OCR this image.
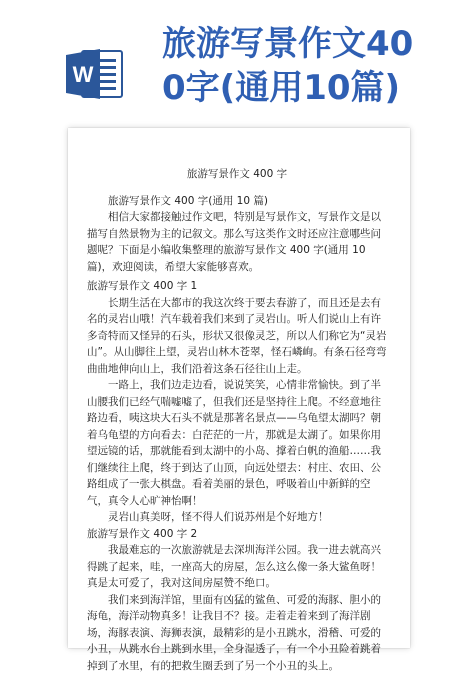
W
旅游写景作文40
0字(通用10篇)
旅游写景作文 400 字

旅游写景作文 400 字(通用 10 篇)

相信大家都接触过作文吧，特别是写景作文，写景作文是以描写自然景物为主的记叙文。那么写这类作文时还应注意哪些问题呢？下面是小编收集整理的旅游写景作文 400 字(通用 10 篇)，欢迎阅读，希望大家能够喜欢。

旅游写景作文 400 字 1

长期生活在大都市的我这次终于要去春游了，而且还是去有名的灵岩山哦！汽车载着我们来到了灵岩山。听人们说山上有许多奇特而又怪异的石头，形状又很像灵芝，所以人们称它为“灵岩山”。从山脚往上望，灵岩山林木苍翠，怪石嶙峋。有条石径弯弯曲曲地伸向山上，我们沿着这条石径往山上走。

一路上，我们边走边看，说说笑笑，心情非常愉快。到了半山腰我们已经气喘嘘嘘了，但我们还是坚持往上爬。不经意地往路边看，咦这块大石头不就是那著名景点——乌龟望太湖吗？朝着乌龟望的方向看去：白茫茫的一片，那就是太湖了。如果你用望远镜的话，那就能看到太湖中的小岛、撑着白帆的渔船……我们继续往上爬，终于到达了山顶，向远处望去：村庄、农田、公路组成了一张大棋盘。看着美丽的景色，呼吸着山中新鲜的空气，真令人心旷神怡啊！

灵岩山真美呀，怪不得人们说苏州是个好地方！

旅游写景作文 400 字 2

我最难忘的一次旅游就是去深圳海洋公园。我一进去就高兴得跳了起来，哇，一座高大的房屋，怎么这么像一条大鲨鱼呀！真是太可爱了，我对这间房屋赞不绝口。

我们来到海洋馆，里面有凶猛的鲨鱼、可爱的海豚、胆小的海龟，海洋动物真多！让我目不？接。走着走着来到了海洋剧场，海豚表演、海狮表演，最精彩的是小丑跳水，滑稽、可爱的小丑，从跳水台上跳到水里，全身湿透了，有一个小丑险着跳着掉到了水里，有的把救生圈丢到了另一个小丑的头上。
